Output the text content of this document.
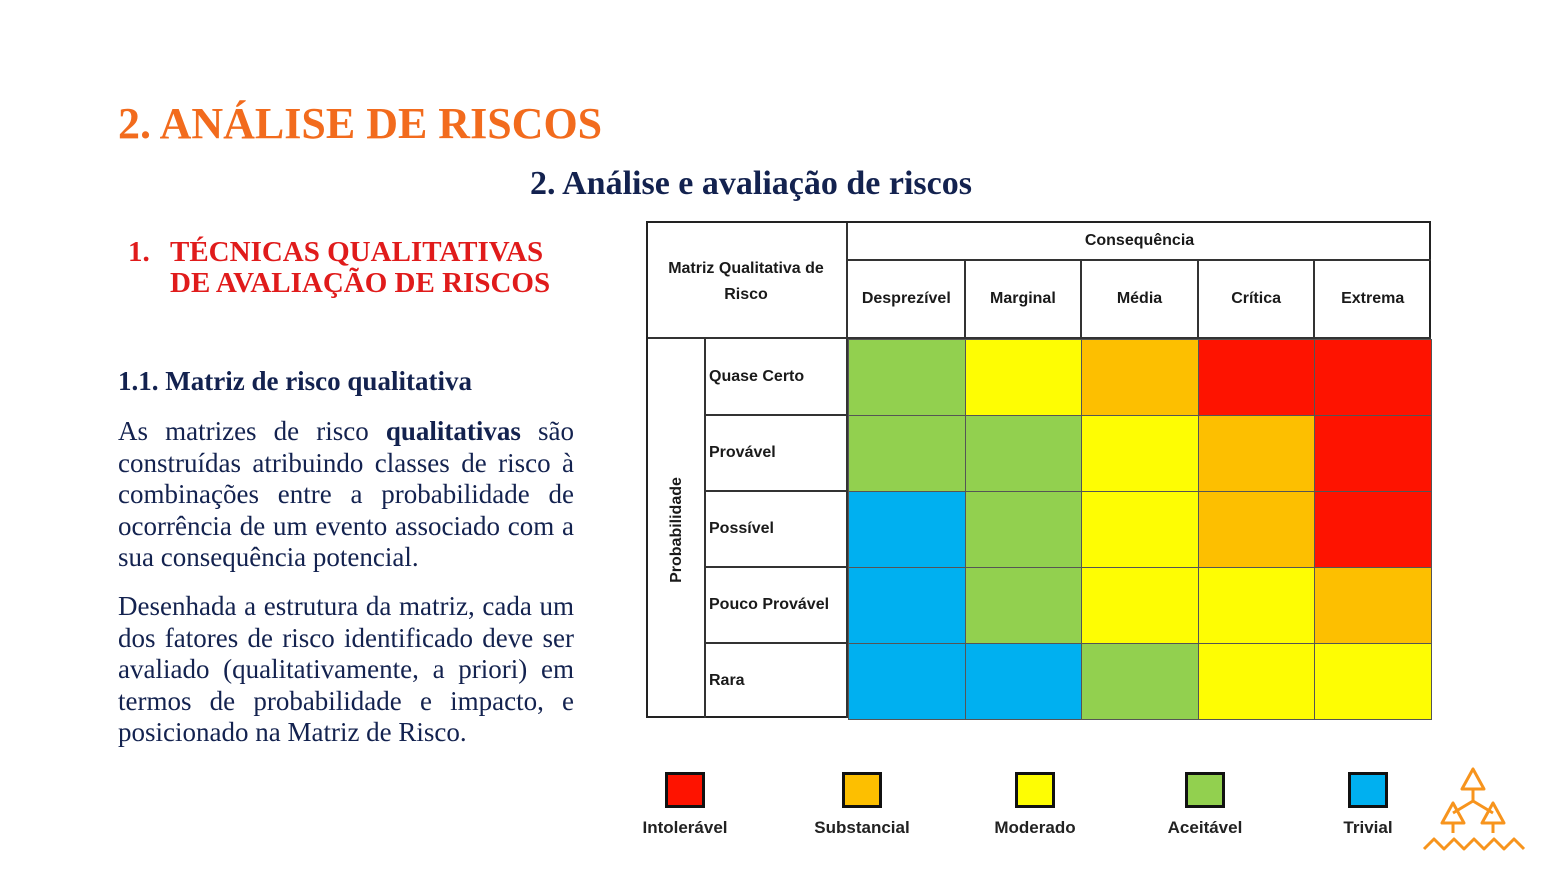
2. ANÁLISE DE RISCOS
2. Análise e avaliação de riscos
1. TÉCNICAS QUALITATIVAS DE AVALIAÇÃO DE RISCOS
1.1. Matriz de risco qualitativa

As matrizes de risco qualitativas são construídas atribuindo classes de risco à combinações entre a probabilidade de ocorrência de um evento associado com a sua consequência potencial.

Desenhada a estrutura da matriz, cada um dos fatores de risco identificado deve ser avaliado (qualitativamente, a priori) em termos de probabilidade e impacto, e posicionado na Matriz de Risco.

Matriz Qualitativa de Risco
Consequência
Probabilidade
Desprezível	Marginal	Média	Crítica	Extrema
Quase Certo
Provável
Possível
Pouco Provável
Rara
Intolerável	Substancial	Moderado	Aceitável	Trivial
